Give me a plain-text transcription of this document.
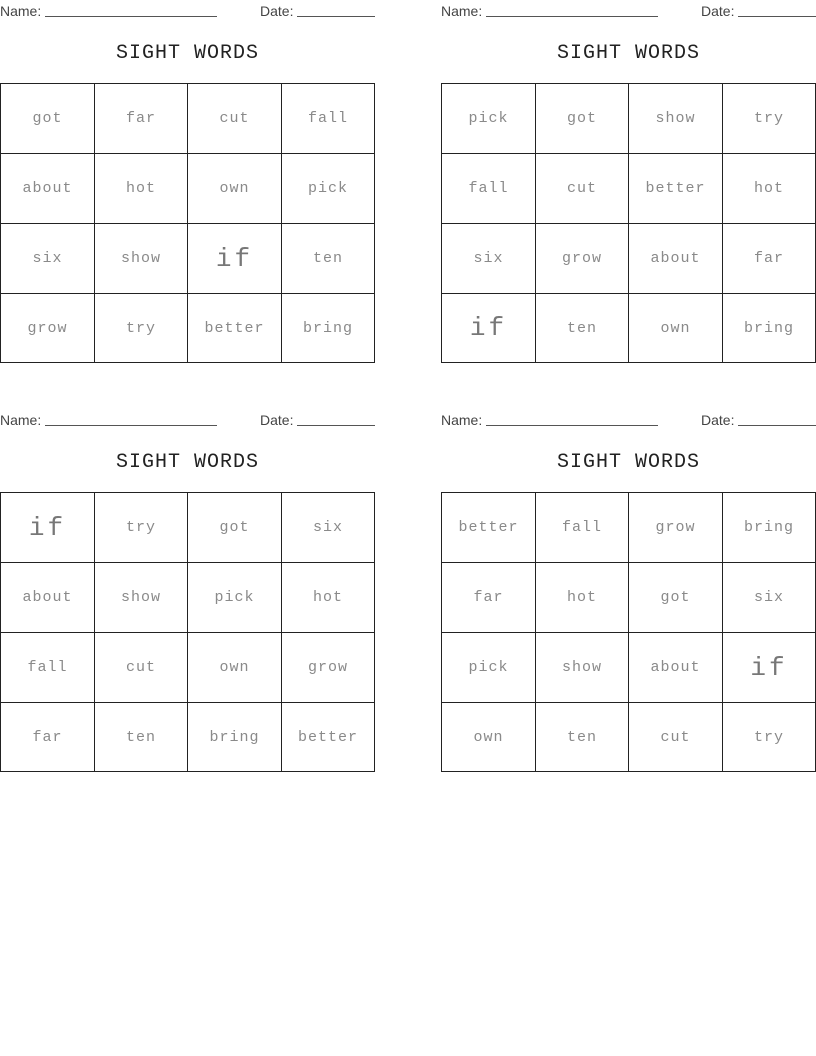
Name:	Date:
SIGHT WORDS
got	far	cut	fall
about	hot	own	pick
six	show	if	ten
grow	try	better	bring
Name:	Date:
SIGHT WORDS
pick	got	show	try
fall	cut	better	hot
six	grow	about	far
if	ten	own	bring
Name:	Date:
SIGHT WORDS
if	try	got	six
about	show	pick	hot
fall	cut	own	grow
far	ten	bring	better
Name:	Date:
SIGHT WORDS
better	fall	grow	bring
far	hot	got	six
pick	show	about	if
own	ten	cut	try
